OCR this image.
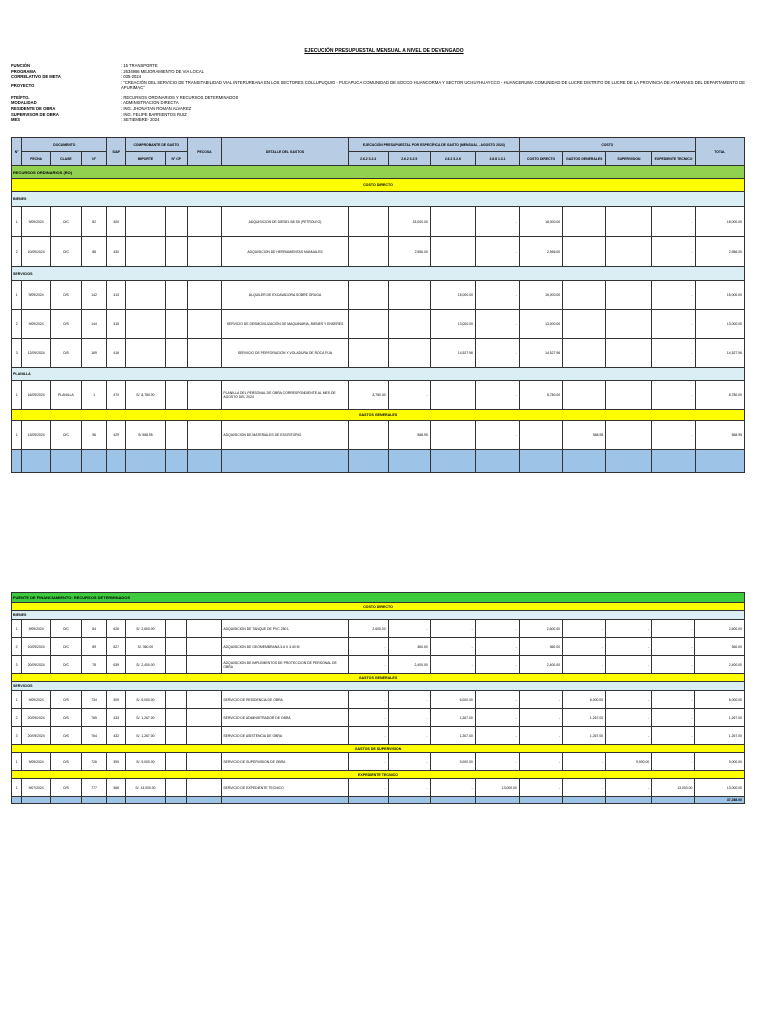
EJECUCIÓN PRESUPUESTAL MENSUAL A NIVEL DE DEVENGADO
FUNCIÓN	: 15 TRANSPORTE
PROGRAMA	: 2634986 MEJORAMIENTO DE VIA LOCAL
CORRELATIVO DE META	: 035-2024
PROYECTO
: "CREACIÓN DEL SERVICIO DE TRANSITABILIDAD VIAL INTERURBANA EN LOS SECTORES COLLUPUQUIO - PUCAPUCA COMUNIDAD DE SOCCO HUANCORMA Y SECTOR UCHUYHUAYCCO - HUANCERUMA COMUNIDAD DE LUCRE DISTRITO DE LUCRE DE LA PROVINCIA DE AYMARAES DEL DEPARTAMENTO DE APURIMAC"
FTE/FTO.	: RECURSOS ORDINARIOS Y RECURSOS DETERMINADOS
MODALIDAD	: ADMINISTRACION DIRECTA
RESIDENTE DE OBRA	: ING. JHONATAN ROMAN ALVAREZ
SUPERVISOR DE OBRA	: ING. FELIPE BARRIENTOS RUIZ
MES	: SETIEMBRE- 2024
N°	DOCUMENTO			SIAF	COMPROBANTE DE GASTO		PECOSA	DETALLE DEL GASTOS	EJECUCIÓN PRESUPUESTAL POR ESPECÍFICA DE GASTO (MENSUAL - AGOSTO 2024)				COSTO				TOTAL
	FECHA	CLASE	N°		IMPORTE	N° CP			2.6.2 3.2.4	2.6.2 3.2.5	2.6.2 3.2.6	2.6.8 1.3.1	COSTO DIRECTO	GASTOS GENERALES	SUPERVISION	EXPEDIENTE TECNICO	
RECURSOS ORDINARIOS (RO)																	
COSTO DIRECTO																	
BIENES																	
1	9/09/2024	O/C	82	400				ADQUISICION DE DIESEL B5 S5 (PETROLEO)		18,000.00		-	18,000.00			-	18,000.00
2	10/09/2024	O/C	88	430				ADQUISICION DE HERRAMIENTAS MANUALES		2,556.00		-	2,556.00			-	2,556.00
SERVICIOS																	
1	9/09/2024	O/S	142	413				ALQUILER DE EXCAVADORA SOBRE ORUGA			15,000.00	-	15,000.00			-	15,000.00
2	9/09/2024	O/S	144	415				SERVICIO DE DESMOVILIZACIÓN DE MAQUINARIA, BIENES Y ENSERES			13,000.00	-	13,000.00			-	13,000.00
3	12/09/2024	O/S	169	416				SERVICIO DE PERFORACION Y VOLADURA DE ROCA FIJA			14,527.96	-	14,527.96			-	14,527.96
PLANILLA																	
1	16/09/2024	PLANILLA	1	470	S/. 8,780.00			PLANILLA DEL PERSONAL DE OBRA CORRESPONDIENTE AL MES DE AGOSTO DEL 2024	8,780.00	-		-	8,780.00			-	8,780.00
GASTOS GENERALES																	
1	13/09/2024	O/C	96	429	S/ 568.95			ADQUISICION DE MATERIALES DE ESCRITORIO		568.95		-		568.95		-	568.95

FUENTE DE FINANCIAMIENTO: RECURSOS DETERMINADOS																	
COSTO DIRECTO																	
BIENES																	
1	9/09/2024	O/C	84	626	S/. 2,600.00			ADQUISICION DE TANQUE DE PVC 250 L	2,600.00	-	-	-	2,600.00	-	-	-	2,600.00
2	10/09/2024	O/C	89	627	S/. 360.00			ADQUISICION DE GEOMEMBRANA 3.6 X 3.40 M	-	360.00	-	-	360.00	-	-	-	360.00
3	20/09/2024	O/C	78	639	S/. 2,400.00			ADQUISICION DE IMPLEMENTOS DE PROTECCION DE PERSONAL DE OBRA	-	2,400.00	-	-	2,400.00	-	-	-	2,400.00
GASTOS GENERALES																	
SERVICIOS																	
1	9/09/2024	O/S	734	309	S/. 6,000.00			SERVICIO DE RESIDENCIA DE OBRA	-	-	6,000.00	-	-	6,000.00	-	-	6,000.00
2	20/09/2024	O/S	765	433	S/. 1,267.00			SERVICIO DE ADMINISTRADOR DE OBRA	-	-	1,267.00	-	-	1,267.00	-	-	1,267.00
3	20/09/2024	O/S	764	432	S/. 1,267.00			SERVICIO DE ASISTENCIA DE OBRA	-	-	1,267.00	-	-	1,267.00	-	-	1,267.00
GASTOS DE SUPERVISION																	
1	9/09/2024	O/S	726	390	S/. 9,000.00			SERVICIO DE SUPERVISION DE OBRA	-	-	9,000.00	-	-	-	9,000.00	-	9,000.00
EXPEDIENTE TECNICO																	
1	9/07/2024	O/S	777	366	S/. 13,000.00			SERVICIO DE EXPEDIENTE TECNICO	-	-	-	13,000.00	-	-	-	13,000.00	13,000.00
																	37,288.00
